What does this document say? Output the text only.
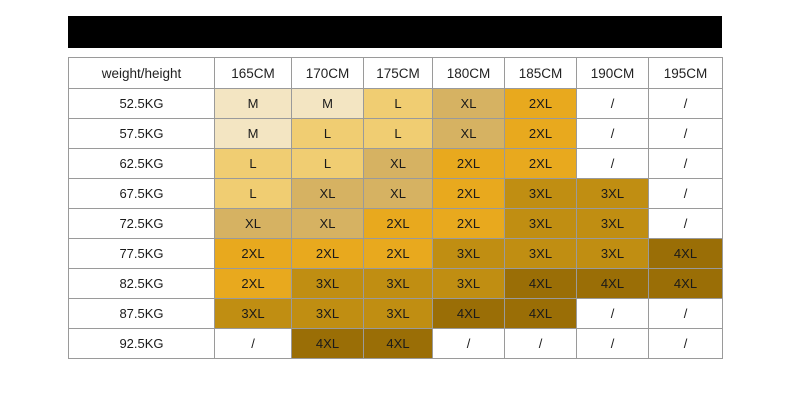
weight/height	165CM	170CM	175CM	180CM	185CM	190CM	195CM
52.5KG	M	M	L	XL	2XL	/	/
57.5KG	M	L	L	XL	2XL	/	/
62.5KG	L	L	XL	2XL	2XL	/	/
67.5KG	L	XL	XL	2XL	3XL	3XL	/
72.5KG	XL	XL	2XL	2XL	3XL	3XL	/
77.5KG	2XL	2XL	2XL	3XL	3XL	3XL	4XL
82.5KG	2XL	3XL	3XL	3XL	4XL	4XL	4XL
87.5KG	3XL	3XL	3XL	4XL	4XL	/	/
92.5KG	/	4XL	4XL	/	/	/	/
